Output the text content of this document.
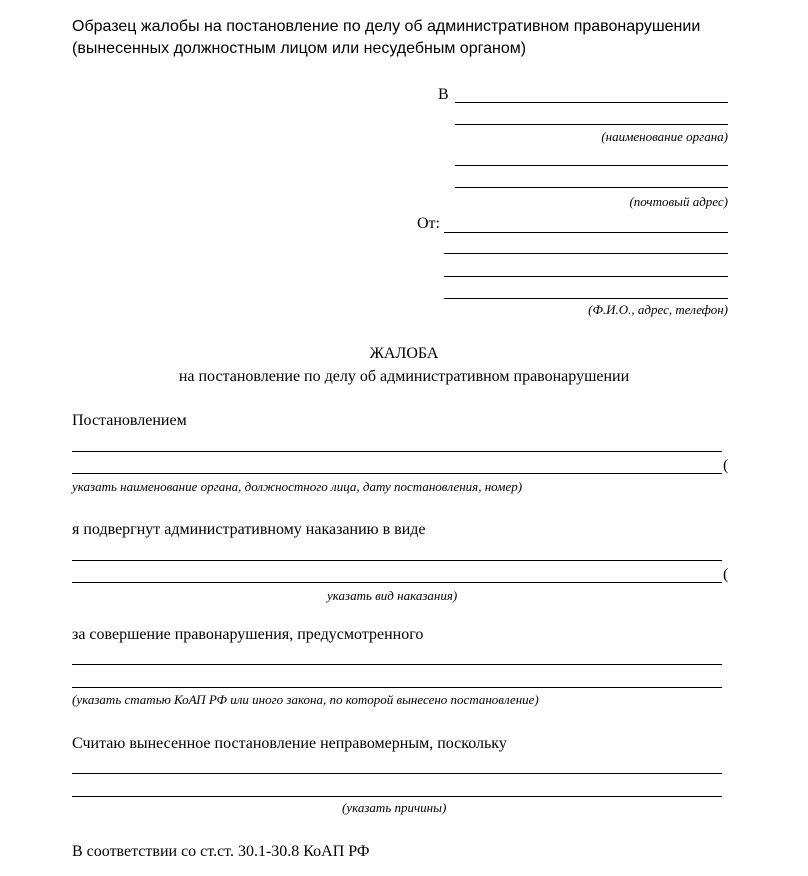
Образец жалобы на постановление по делу об административном правонарушении
(вынесенных должностным лицом или несудебным органом)
В
(наименование органа)
(почтовый адрес)
От:
(Ф.И.О., адрес, телефон)
ЖАЛОБА
на постановление по делу об административном правонарушении
Постановлением
(
указать наименование органа, должностного лица, дату постановления, номер)
я подвергнут административному наказанию в виде
(
указать вид наказания)
за совершение правонарушения, предусмотренного
(указать статью КоАП РФ или иного закона, по которой вынесено постановление)
Считаю вынесенное постановление неправомерным, поскольку
(указать причины)
В соответствии со ст.ст. 30.1-30.8 КоАП РФ
